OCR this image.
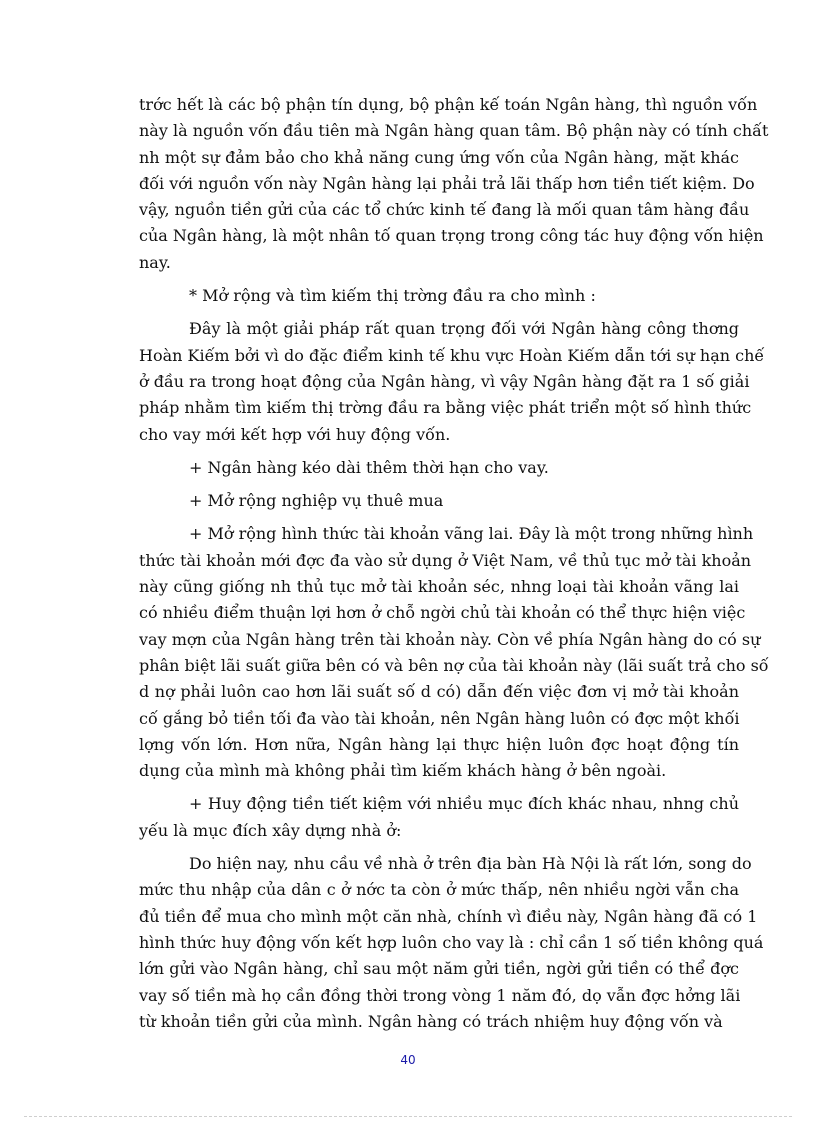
trớc hết là các bộ phận tín dụng, bộ phận kế toán Ngân hàng, thì nguồn vốn
này là nguồn vốn đầu tiên mà Ngân hàng quan tâm. Bộ phận này có tính chất
nh một sự đảm bảo cho khả năng cung ứng vốn của Ngân hàng, mặt khác
đối với nguồn vốn này Ngân hàng lại phải trả lãi thấp hơn tiền tiết kiệm. Do
vậy, nguồn tiền gửi của các tổ chức kinh tế đang là mối quan tâm hàng đầu
của Ngân hàng, là một nhân tố quan trọng trong công tác huy động vốn hiện
nay.
* Mở rộng và tìm kiếm thị trờng đầu ra cho mình :
Đây là một giải pháp rất quan trọng đối với Ngân hàng công thơng
Hoàn Kiếm bởi vì do đặc điểm kinh tế khu vực Hoàn Kiếm dẫn tới sự hạn chế
ở đầu ra trong hoạt động của Ngân hàng, vì vậy Ngân hàng đặt ra 1 số giải
pháp nhằm tìm kiếm thị trờng đầu ra bằng việc phát triển một số hình thức
cho vay mới kết hợp với huy động vốn.
+ Ngân hàng kéo dài thêm thời hạn cho vay.
+ Mở rộng nghiệp vụ thuê mua
+ Mở rộng hình thức tài khoản vãng lai. Đây là một trong những hình
thức tài khoản mới đợc đa vào sử dụng ở Việt Nam, về thủ tục mở tài khoản
này cũng giống nh thủ tục mở tài khoản séc, nhng loại tài khoản vãng lai
có nhiều điểm thuận lợi hơn ở chỗ ngời chủ tài khoản có thể thực hiện việc
vay mợn của Ngân hàng trên tài khoản này. Còn về phía Ngân hàng do có sự
phân biệt lãi suất giữa bên có và bên nợ của tài khoản này (lãi suất trả cho số
d nợ phải luôn cao hơn lãi suất số d có) dẫn đến việc đơn vị mở tài khoản
cố gắng bỏ tiền tối đa vào tài khoản, nên Ngân hàng luôn có đợc một khối
lợng vốn lớn. Hơn nữa, Ngân hàng lại thực hiện luôn đợc hoạt động tín
dụng của mình mà không phải tìm kiếm khách hàng ở bên ngoài.
+ Huy động tiền tiết kiệm với nhiều mục đích khác nhau, nhng chủ
yếu là mục đích xây dựng nhà ở:
Do hiện nay, nhu cầu về nhà ở trên địa bàn Hà Nội là rất lớn, song do
mức thu nhập của dân c ở nớc ta còn ở mức thấp, nên nhiều ngời vẫn cha
đủ tiền để mua cho mình một căn nhà, chính vì điều này, Ngân hàng đã có 1
hình thức huy động vốn kết hợp luôn cho vay là : chỉ cần 1 số tiền không quá
lớn gửi vào Ngân hàng, chỉ sau một năm gửi tiền, ngời gửi tiền có thể đợc
vay số tiền mà họ cần đồng thời trong vòng 1 năm đó, dọ vẫn đợc hởng lãi
từ khoản tiền gửi của mình. Ngân hàng có trách nhiệm huy động vốn và
40
